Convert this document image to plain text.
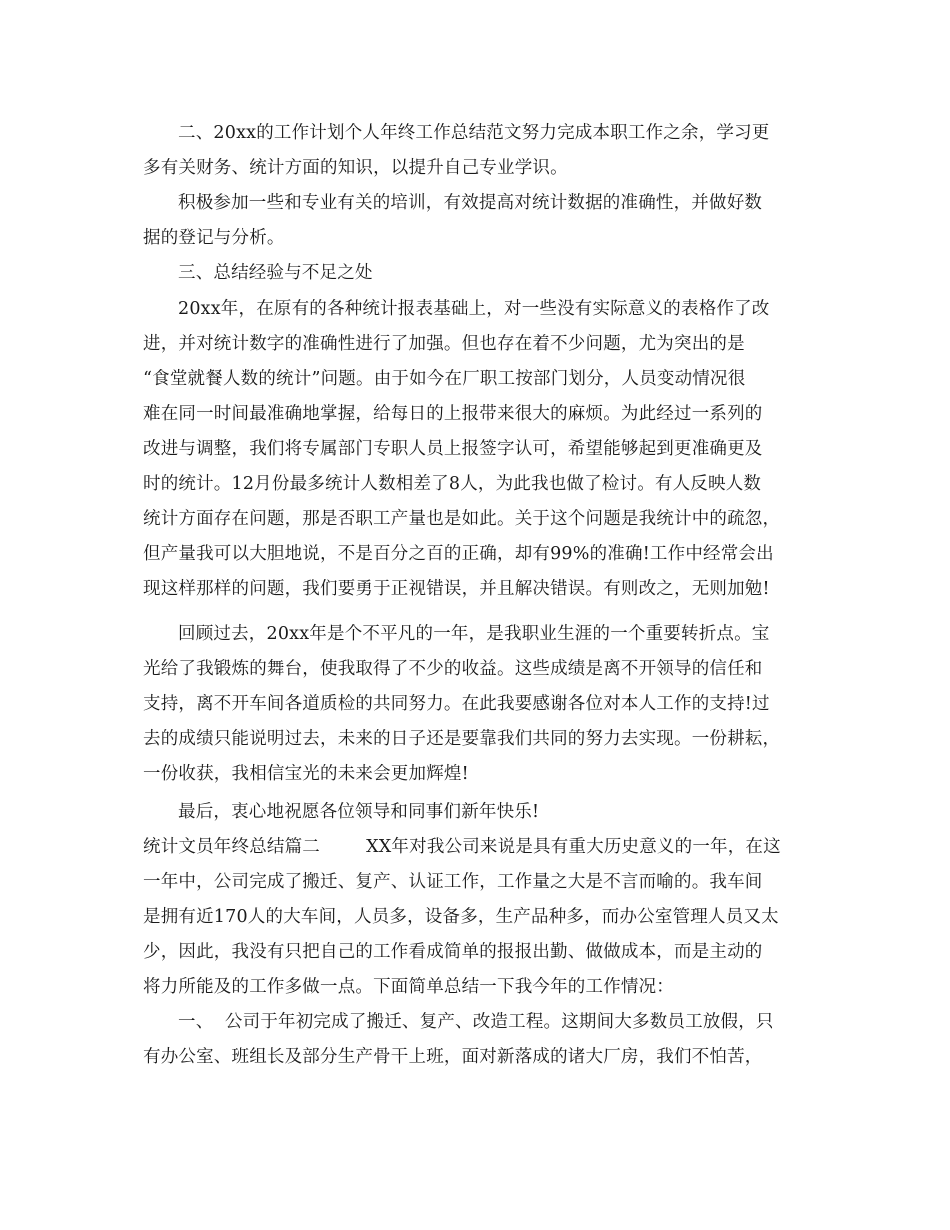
二、20xx的工作计划个人年终工作总结范文努力完成本职工作之余，学习更
多有关财务、统计方面的知识，以提升自己专业学识。
积极参加一些和专业有关的培训，有效提高对统计数据的准确性，并做好数
据的登记与分析。
三、总结经验与不足之处
20xx年，在原有的各种统计报表基础上，对一些没有实际意义的表格作了改
进，并对统计数字的准确性进行了加强。但也存在着不少问题，尤为突出的是
“食堂就餐人数的统计”问题。由于如今在厂职工按部门划分，人员变动情况很
难在同一时间最准确地掌握，给每日的上报带来很大的麻烦。为此经过一系列的
改进与调整，我们将专属部门专职人员上报签字认可，希望能够起到更准确更及
时的统计。12月份最多统计人数相差了8人，为此我也做了检讨。有人反映人数
统计方面存在问题，那是否职工产量也是如此。关于这个问题是我统计中的疏忽，
但产量我可以大胆地说，不是百分之百的正确，却有99%的准确!工作中经常会出
现这样那样的问题，我们要勇于正视错误，并且解决错误。有则改之，无则加勉!
回顾过去，20xx年是个不平凡的一年，是我职业生涯的一个重要转折点。宝
光给了我锻炼的舞台，使我取得了不少的收益。这些成绩是离不开领导的信任和
支持，离不开车间各道质检的共同努力。在此我要感谢各位对本人工作的支持!过
去的成绩只能说明过去，未来的日子还是要靠我们共同的努力去实现。一份耕耘，
一份收获，我相信宝光的未来会更加辉煌!
最后，衷心地祝愿各位领导和同事们新年快乐!
统计文员年终总结篇二        XX年对我公司来说是具有重大历史意义的一年，在这
一年中，公司完成了搬迁、复产、认证工作，工作量之大是不言而喻的。我车间
是拥有近170人的大车间，人员多，设备多，生产品种多，而办公室管理人员又太
少，因此，我没有只把自己的工作看成简单的报报出勤、做做成本，而是主动的
将力所能及的工作多做一点。下面简单总结一下我今年的工作情况：
一、  公司于年初完成了搬迁、复产、改造工程。这期间大多数员工放假，只
有办公室、班组长及部分生产骨干上班，面对新落成的诸大厂房，我们不怕苦，
